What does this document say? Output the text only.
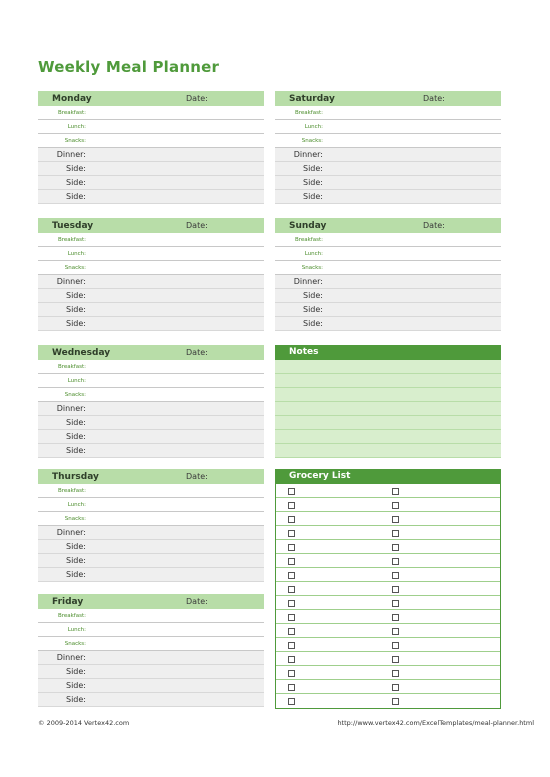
Weekly Meal Planner
Monday	Date:
Breakfast:
Lunch:
Snacks:
Dinner:
Side:
Side:
Side:
Saturday	Date:
Breakfast:
Lunch:
Snacks:
Dinner:
Side:
Side:
Side:
Tuesday	Date:
Breakfast:
Lunch:
Snacks:
Dinner:
Side:
Side:
Side:
Sunday	Date:
Breakfast:
Lunch:
Snacks:
Dinner:
Side:
Side:
Side:
Wednesday	Date:
Breakfast:
Lunch:
Snacks:
Dinner:
Side:
Side:
Side:
Thursday	Date:
Breakfast:
Lunch:
Snacks:
Dinner:
Side:
Side:
Side:
Friday	Date:
Breakfast:
Lunch:
Snacks:
Dinner:
Side:
Side:
Side:
Notes
Grocery List
© 2009-2014 Vertex42.com	http://www.vertex42.com/ExcelTemplates/meal-planner.html
